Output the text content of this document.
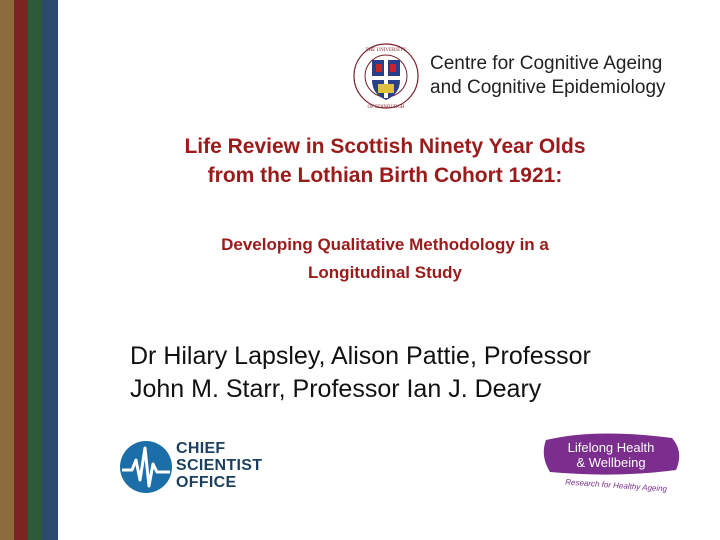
THE UNIVERSITY
OF EDINBURGH
Centre for Cognitive Ageing
and Cognitive Epidemiology
Life Review in Scottish Ninety Year Olds
from the Lothian Birth Cohort 1921:
Developing Qualitative Methodology in a
Longitudinal Study
Dr Hilary Lapsley, Alison Pattie, Professor
John M. Starr, Professor Ian J. Deary
CHIEF
SCIENTIST
OFFICE
Lifelong Health
& Wellbeing
Research for Healthy Ageing
